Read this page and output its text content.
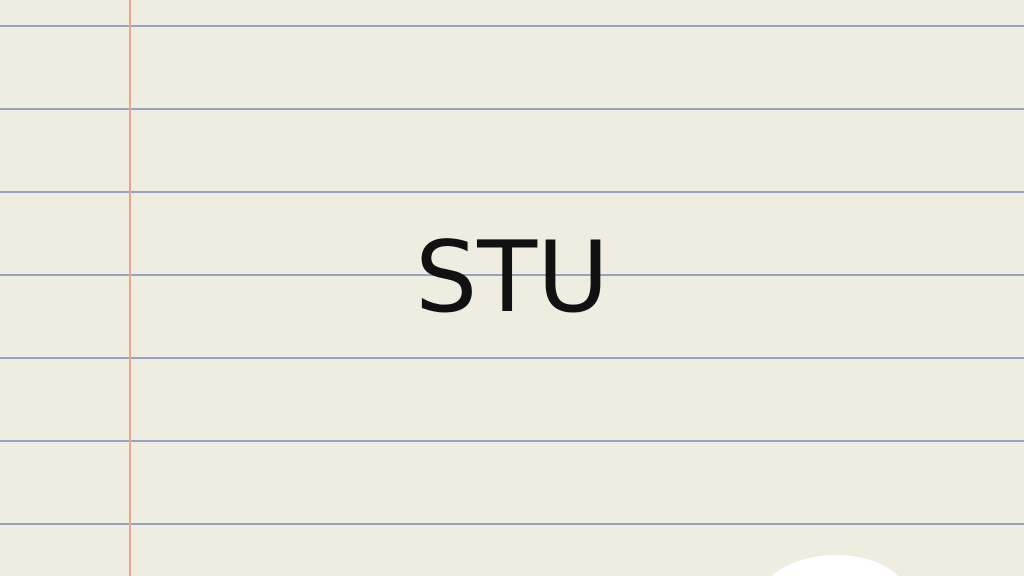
STU
